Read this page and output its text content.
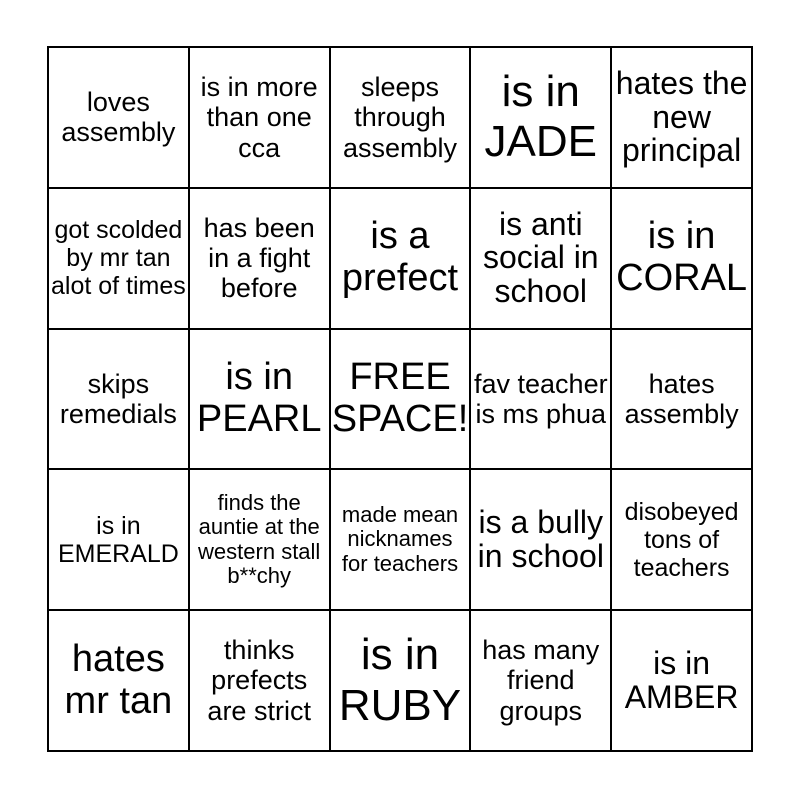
loves assembly
is in more than one cca
sleeps through assembly
is in JADE
hates the new principal
got scolded by mr tan alot of times
has been in a fight before
is a prefect
is anti social in school
is in CORAL
skips remedials
is in PEARL
FREE SPACE!
fav teacher is ms phua
hates assembly
is in EMERALD
finds the auntie at the western stall b**chy
made mean nicknames for teachers
is a bully in school
disobeyed tons of teachers
hates mr tan
thinks prefects are strict
is in RUBY
has many friend groups
is in AMBER
